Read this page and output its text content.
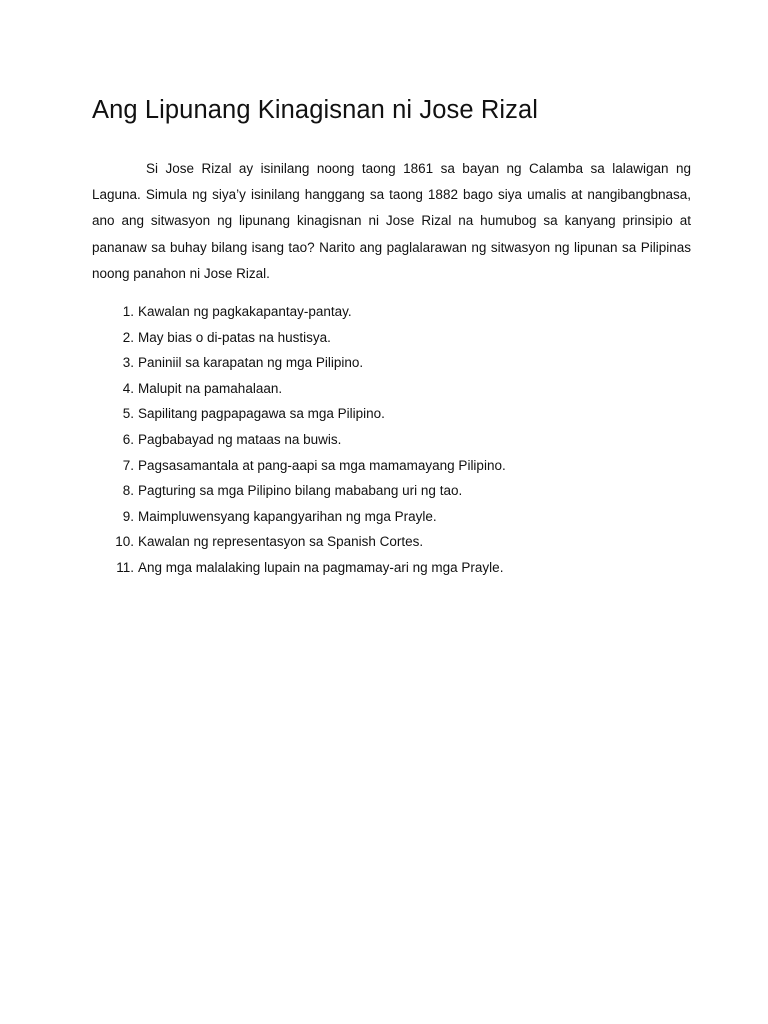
Ang Lipunang Kinagisnan ni Jose Rizal

Si Jose Rizal ay isinilang noong taong 1861 sa bayan ng Calamba sa lalawigan ng Laguna. Simula ng siya’y isinilang hanggang sa taong 1882 bago siya umalis at nangibangbnasa, ano ang sitwasyon ng lipunang kinagisnan ni Jose Rizal na humubog sa kanyang prinsipio at pananaw sa buhay bilang isang tao? Narito ang paglalarawan ng sitwasyon ng lipunan sa Pilipinas noong panahon ni Jose Rizal.

1 . Kawalan ng pagkakapantay-pantay.
2 . May bias o di-patas na hustisya.
3 . Paniniil sa karapatan ng mga Pilipino.
4 . Malupit na pamahalaan.
5 . Sapilitang pagpapagawa sa mga Pilipino.
6 . Pagbabayad ng mataas na buwis.
7 . Pagsasamantala at pang-aapi sa mga mamamayang Pilipino.
8 . Pagturing sa mga Pilipino bilang mababang uri ng tao.
9 . Maimpluwensyang kapangyarihan ng mga Prayle.
10 . Kawalan ng representasyon sa Spanish Cortes.
11 . Ang mga malalaking lupain na pagmamay-ari ng mga Prayle.
